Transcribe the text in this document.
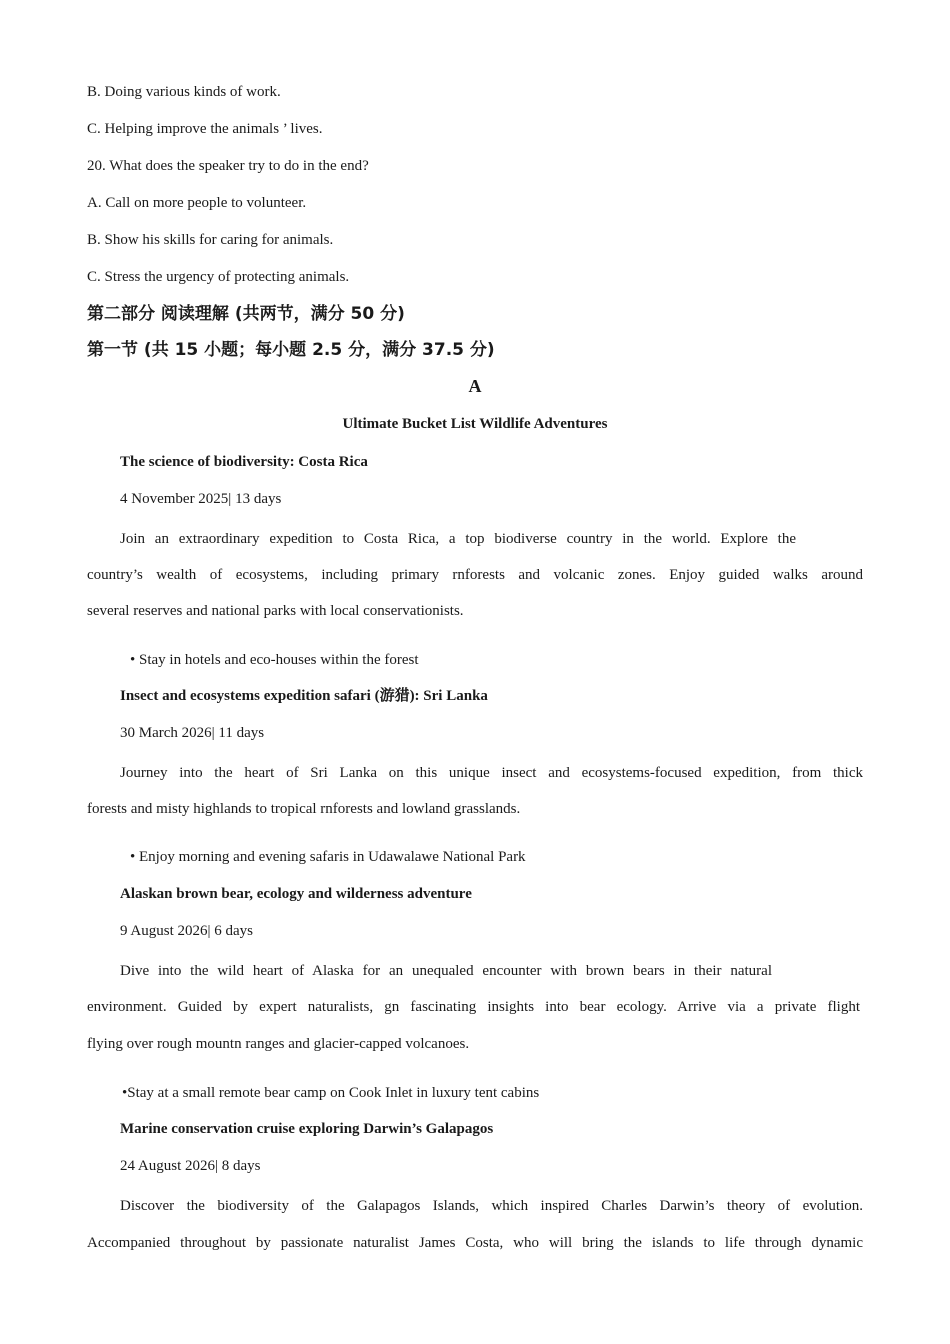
B. Doing various kinds of work.
C. Helping improve the animals ’ lives.
20. What does the speaker try to do in the end?
A. Call on more people to volunteer.
B. Show his skills for caring for animals.
C. Stress the urgency of protecting animals.
第二部分 阅读理解 (共两节，满分 50 分)
第一节 (共 15 小题；每小题 2.5 分，满分 37.5 分)
A
Ultimate Bucket List Wildlife Adventures
The science of biodiversity: Costa Rica
4 November 2025| 13 days
Join an extraordinary expedition to Costa Rica, a top biodiverse country in the world. Explore the
country’s wealth of ecosystems, including primary rnforests and volcanic zones. Enjoy guided walks around
several reserves and national parks with local conservationists.
• Stay in hotels and eco-houses within the forest
Insect and ecosystems expedition safari (游猎): Sri Lanka
30 March 2026| 11 days
Journey into the heart of Sri Lanka on this unique insect and ecosystems-focused expedition, from thick
forests and misty highlands to tropical rnforests and lowland grasslands.
• Enjoy morning and evening safaris in Udawalawe National Park
Alaskan brown bear, ecology and wilderness adventure
9 August 2026| 6 days
Dive into the wild heart of Alaska for an unequaled encounter with brown bears in their natural
environment. Guided by expert naturalists, gn fascinating insights into bear ecology. Arrive via a private flight
flying over rough mountn ranges and glacier-capped volcanoes.
•Stay at a small remote bear camp on Cook Inlet in luxury tent cabins
Marine conservation cruise exploring Darwin’s Galapagos
24 August 2026| 8 days
Discover the biodiversity of the Galapagos Islands, which inspired Charles Darwin’s theory of evolution.
Accompanied throughout by passionate naturalist James Costa, who will bring the islands to life through dynamic
